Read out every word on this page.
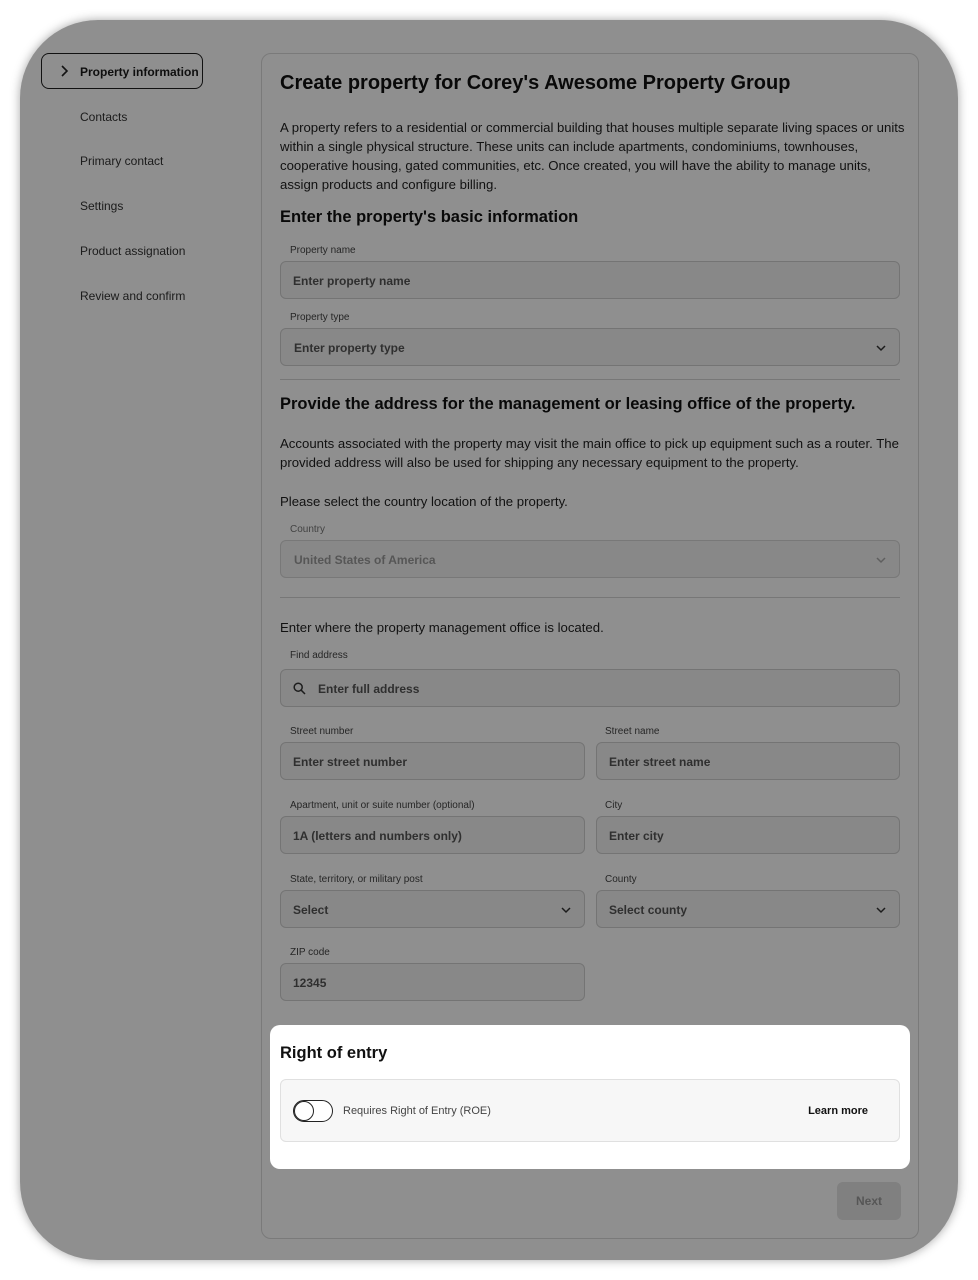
Property information
Contacts
Primary contact
Settings
Product assignation
Review and confirm
Create property for Corey's Awesome Property Group
A property refers to a residential or commercial building that houses multiple separate living spaces or units within a single physical structure. These units can include apartments, condominiums, townhouses, cooperative housing, gated communities, etc. Once created, you will have the ability to manage units, assign products and configure billing.
Enter the property's basic information
Property name
Enter property name
Property type
Enter property type
Provide the address for the management or leasing office of the property.
Accounts associated with the property may visit the main office to pick up equipment such as a router. The provided address will also be used for shipping any necessary equipment to the property.
Please select the country location of the property.
Country
United States of America
Enter where the property management office is located.
Find address
Enter full address
Street number
Enter street number
Street name
Enter street name
Apartment, unit or suite number (optional)
1A (letters and numbers only)
City
Enter city
State, territory, or military post
Select
County
Select county
ZIP code
12345
Next
Right of entry
Requires Right of Entry (ROE)	Learn more
